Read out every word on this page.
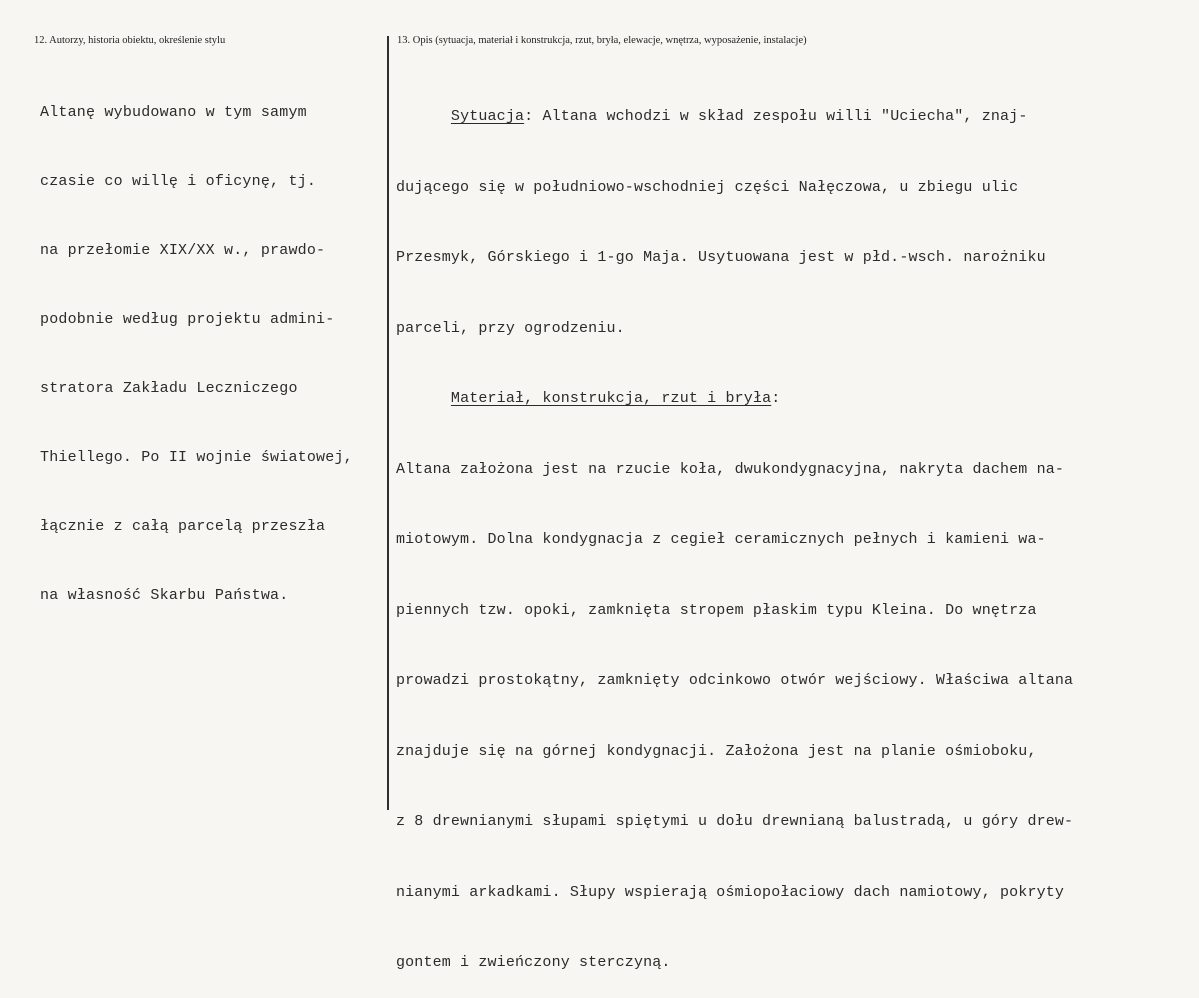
12. Autorzy, historia obiektu, określenie stylu	13. Opis (sytuacja, materiał i konstrukcja, rzut, bryła, elewacje, wnętrza, wyposażenie, instalacje)

Altanę wybudowano w tym samym

czasie co willę i oficynę, tj.

na przełomie XIX/XX w., prawdo-

podobnie według projektu admini-

stratora Zakładu Leczniczego

Thiellego. Po II wojnie światowej,

łącznie z całą parcelą przeszła

na własność Skarbu Państwa.

Sytuacja: Altana wchodzi w skład zespołu willi "Uciecha", znaj-

dującego się w południowo-wschodniej części Nałęczowa, u zbiegu ulic

Przesmyk, Górskiego i 1-go Maja. Usytuowana jest w płd.-wsch. narożniku

parceli, przy ogrodzeniu.

Materiał, konstrukcja, rzut i bryła:

Altana założona jest na rzucie koła, dwukondygnacyjna, nakryta dachem na-

miotowym. Dolna kondygnacja z cegieł ceramicznych pełnych i kamieni wa-

piennych tzw. opoki, zamknięta stropem płaskim typu Kleina. Do wnętrza

prowadzi prostokątny, zamknięty odcinkowo otwór wejściowy. Właściwa altana

znajduje się na górnej kondygnacji. Założona jest na planie ośmioboku,

z 8 drewnianymi słupami spiętymi u dołu drewnianą balustradą, u góry drew-

nianymi arkadkami. Słupy wspierają ośmiopołaciowy dach namiotowy, pokryty

gontem i zwieńczony sterczyną.
